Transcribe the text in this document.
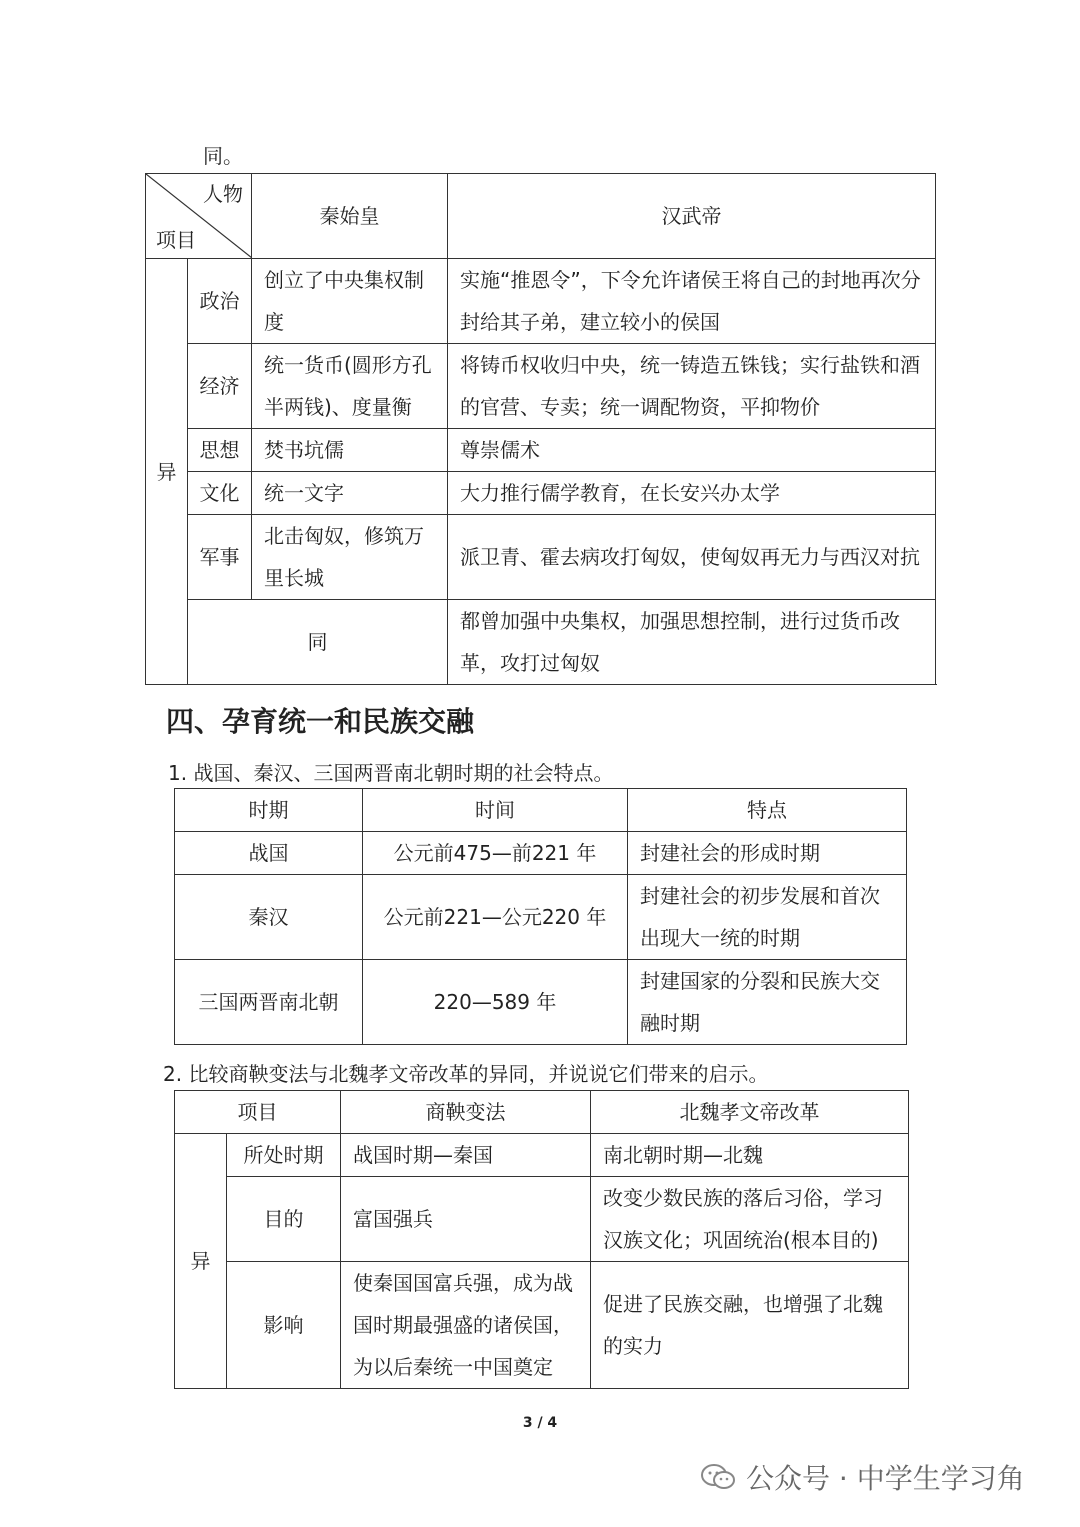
同。
人物
项目		秦始皇	汉武帝
异	政治	创立了中央集权制度	实施“推恩令”，下令允许诸侯王将自己的封地再次分封给其子弟，建立较小的侯国
	经济	统一货币(圆形方孔半两钱)、度量衡	将铸币权收归中央，统一铸造五铢钱；实行盐铁和酒的官营、专卖；统一调配物资，平抑物价
	思想	焚书坑儒	尊崇儒术
	文化	统一文字	大力推行儒学教育，在长安兴办太学
	军事	北击匈奴，修筑万里长城	派卫青、霍去病攻打匈奴，使匈奴再无力与西汉对抗
	同		都曾加强中央集权，加强思想控制，进行过货币改革，攻打过匈奴
四、孕育统一和民族交融
1. 战国、秦汉、三国两晋南北朝时期的社会特点。
时期	时间	特点
战国	公元前475—前221 年	封建社会的形成时期
秦汉	公元前221—公元220 年	封建社会的初步发展和首次出现大一统的时期
三国两晋南北朝	220—589 年	封建国家的分裂和民族大交融时期
2. 比较商鞅变法与北魏孝文帝改革的异同，并说说它们带来的启示。
项目		商鞅变法	北魏孝文帝改革
异	所处时期	战国时期—秦国	南北朝时期—北魏
	目的	富国强兵	改变少数民族的落后习俗，学习汉族文化；巩固统治(根本目的)
	影响	使秦国国富兵强，成为战国时期最强盛的诸侯国，为以后秦统一中国奠定	促进了民族交融，也增强了北魏的实力
3 / 4
公众号 · 中学生学习角
